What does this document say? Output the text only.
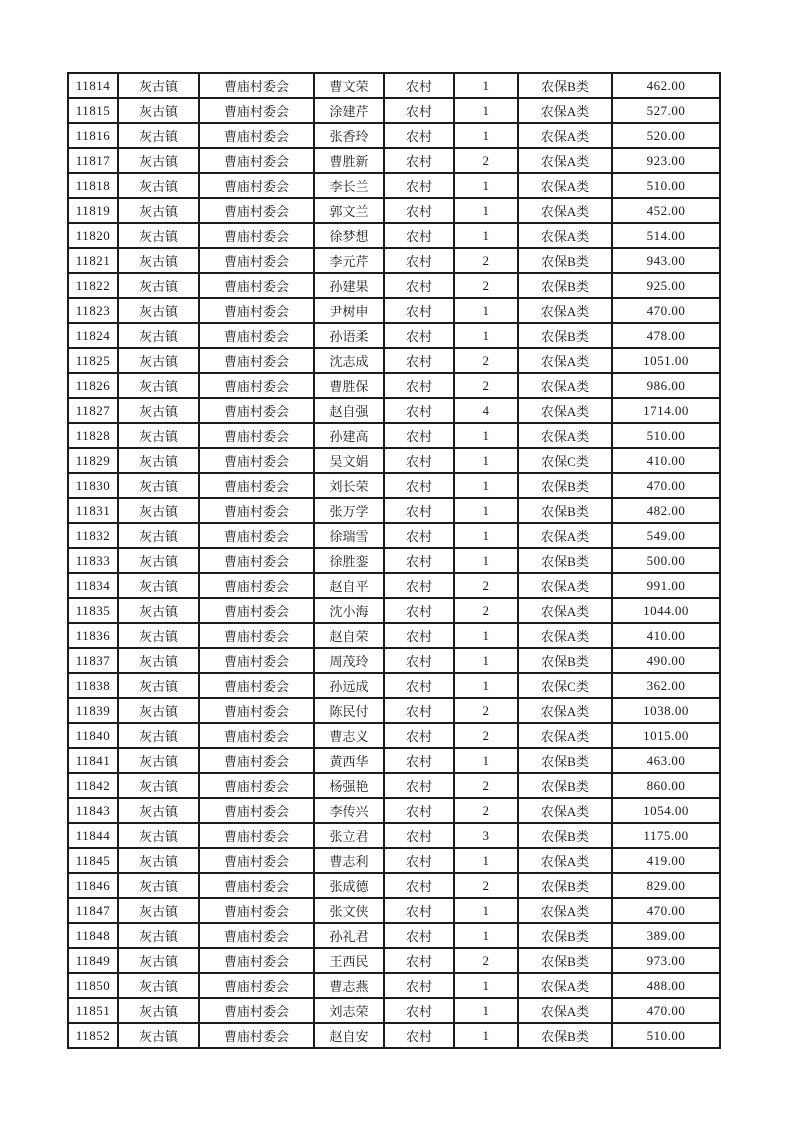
11814	灰古镇	曹庙村委会	曹文荣	农村	1	农保B类	462.00
11815	灰古镇	曹庙村委会	涂建芹	农村	1	农保A类	527.00
11816	灰古镇	曹庙村委会	张香玲	农村	1	农保A类	520.00
11817	灰古镇	曹庙村委会	曹胜新	农村	2	农保A类	923.00
11818	灰古镇	曹庙村委会	李长兰	农村	1	农保A类	510.00
11819	灰古镇	曹庙村委会	郭文兰	农村	1	农保A类	452.00
11820	灰古镇	曹庙村委会	徐梦想	农村	1	农保A类	514.00
11821	灰古镇	曹庙村委会	李元芹	农村	2	农保B类	943.00
11822	灰古镇	曹庙村委会	孙建果	农村	2	农保B类	925.00
11823	灰古镇	曹庙村委会	尹树申	农村	1	农保A类	470.00
11824	灰古镇	曹庙村委会	孙语柔	农村	1	农保B类	478.00
11825	灰古镇	曹庙村委会	沈志成	农村	2	农保A类	1051.00
11826	灰古镇	曹庙村委会	曹胜保	农村	2	农保A类	986.00
11827	灰古镇	曹庙村委会	赵自强	农村	4	农保A类	1714.00
11828	灰古镇	曹庙村委会	孙建高	农村	1	农保A类	510.00
11829	灰古镇	曹庙村委会	吴文娟	农村	1	农保C类	410.00
11830	灰古镇	曹庙村委会	刘长荣	农村	1	农保B类	470.00
11831	灰古镇	曹庙村委会	张万学	农村	1	农保B类	482.00
11832	灰古镇	曹庙村委会	徐瑞雪	农村	1	农保A类	549.00
11833	灰古镇	曹庙村委会	徐胜銮	农村	1	农保B类	500.00
11834	灰古镇	曹庙村委会	赵自平	农村	2	农保A类	991.00
11835	灰古镇	曹庙村委会	沈小海	农村	2	农保A类	1044.00
11836	灰古镇	曹庙村委会	赵自荣	农村	1	农保A类	410.00
11837	灰古镇	曹庙村委会	周茂玲	农村	1	农保B类	490.00
11838	灰古镇	曹庙村委会	孙远成	农村	1	农保C类	362.00
11839	灰古镇	曹庙村委会	陈民付	农村	2	农保A类	1038.00
11840	灰古镇	曹庙村委会	曹志义	农村	2	农保A类	1015.00
11841	灰古镇	曹庙村委会	黄西华	农村	1	农保B类	463.00
11842	灰古镇	曹庙村委会	杨强艳	农村	2	农保B类	860.00
11843	灰古镇	曹庙村委会	李传兴	农村	2	农保A类	1054.00
11844	灰古镇	曹庙村委会	张立君	农村	3	农保B类	1175.00
11845	灰古镇	曹庙村委会	曹志利	农村	1	农保A类	419.00
11846	灰古镇	曹庙村委会	张成德	农村	2	农保B类	829.00
11847	灰古镇	曹庙村委会	张文侠	农村	1	农保A类	470.00
11848	灰古镇	曹庙村委会	孙礼君	农村	1	农保B类	389.00
11849	灰古镇	曹庙村委会	王西民	农村	2	农保B类	973.00
11850	灰古镇	曹庙村委会	曹志燕	农村	1	农保A类	488.00
11851	灰古镇	曹庙村委会	刘志荣	农村	1	农保A类	470.00
11852	灰古镇	曹庙村委会	赵自安	农村	1	农保B类	510.00
